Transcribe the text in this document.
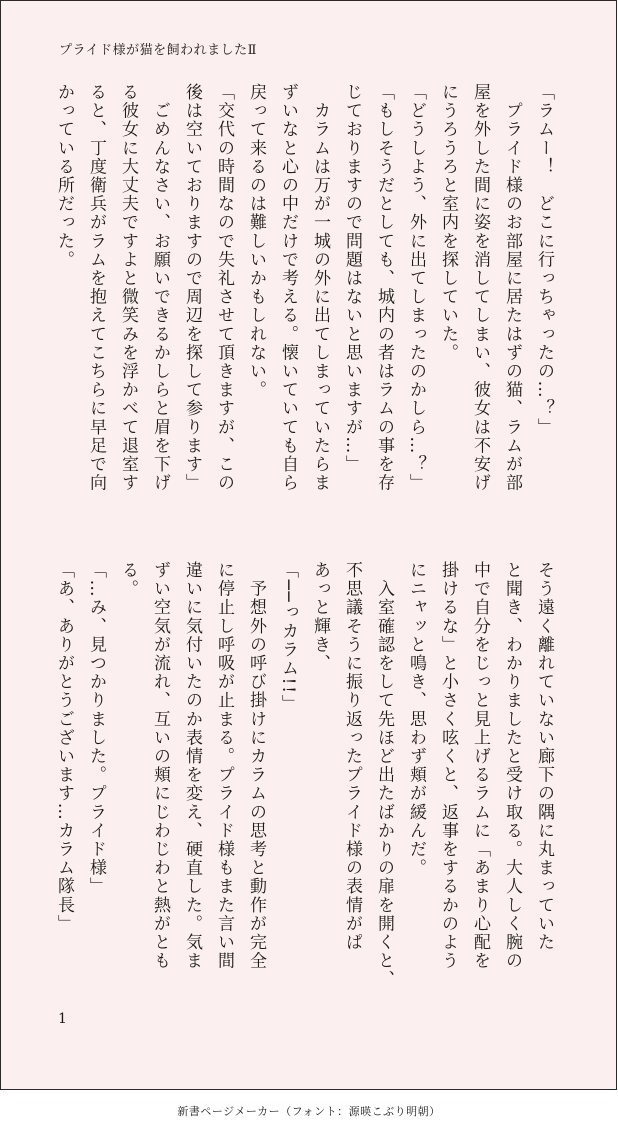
プライド様が猫を飼われましたⅡ
「ラムー！　どこに行っちゃったの…？」
　プライド様のお部屋に居たはずの猫、ラムが部
屋を外した間に姿を消してしまい、彼女は不安げ
にうろうろと室内を探していた。
「どうしよう、外に出てしまったのかしら…？」
「もしそうだとしても、城内の者はラムの事を存
じておりますので問題はないと思いますが…」
　カラムは万が一城の外に出てしまっていたらま
ずいなと心の中だけで考える。懐いていても自ら
戻って来るのは難しいかもしれない。
「交代の時間なので失礼させて頂きますが、この
後は空いておりますので周辺を探して参ります」
　ごめんなさい、お願いできるかしらと眉を下げ
る彼女に大丈夫ですよと微笑みを浮かべて退室す
ると、丁度衛兵がラムを抱えてこちらに早足で向
かっている所だった。
そう遠く離れていない廊下の隅に丸まっていた
と聞き、わかりましたと受け取る。大人しく腕の
中で自分をじっと見上げるラムに「あまり心配を
掛けるな」と小さく呟くと、返事をするかのよう
にニャッと鳴き、思わず頬が緩んだ。
　入室確認をして先ほど出たばかりの扉を開くと、
不思議そうに振り返ったプライド様の表情がぱ
あっと輝き、
「──っカラム!!」
　予想外の呼び掛けにカラムの思考と動作が完全
に停止し呼吸が止まる。プライド様もまた言い間
違いに気付いたのか表情を変え、硬直した。気ま
ずい空気が流れ、互いの頬にじわじわと熱がとも
る。
「…み、見つかりました。プライド様」
「あ、ありがとうございます…カラム隊長」
1
新書ページメーカー（フォント：源暎こぶり明朝）
